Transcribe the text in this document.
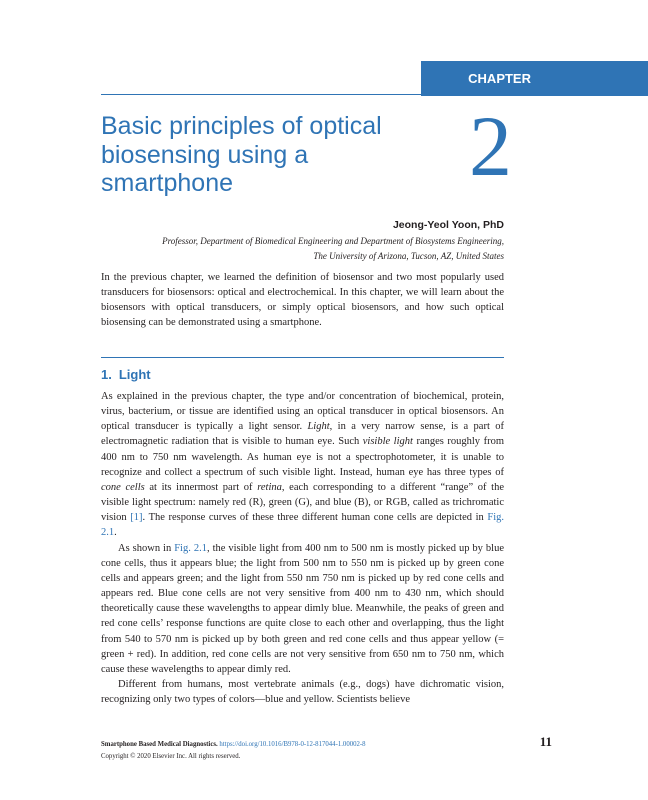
CHAPTER
Basic principles of optical biosensing using a smartphone	2
Jeong-Yeol Yoon, PhD
Professor, Department of Biomedical Engineering and Department of Biosystems Engineering,
The University of Arizona, Tucson, AZ, United States

In the previous chapter, we learned the definition of biosensor and two most popularly used transducers for biosensors: optical and electrochemical. In this chapter, we will learn about the biosensors with optical transducers, or simply optical biosensors, and how such optical biosensing can be demonstrated using a smartphone.

1. Light

As explained in the previous chapter, the type and/or concentration of biochemical, protein, virus, bacterium, or tissue are identified using an optical transducer in optical biosensors. An optical transducer is typically a light sensor. Light, in a very narrow sense, is a part of electromagnetic radiation that is visible to human eye. Such visible light ranges roughly from 400 nm to 750 nm wavelength. As human eye is not a spectrophotometer, it is unable to recognize and collect a spectrum of such visible light. Instead, human eye has three types of cone cells at its innermost part of retina, each corresponding to a different “range” of the visible light spectrum: namely red (R), green (G), and blue (B), or RGB, called as trichromatic vision [1]. The response curves of these three different human cone cells are depicted in Fig. 2.1.

As shown in Fig. 2.1, the visible light from 400 nm to 500 nm is mostly picked up by blue cone cells, thus it appears blue; the light from 500 nm to 550 nm is picked up by green cone cells and appears green; and the light from 550 nm 750 nm is picked up by red cone cells and appears red. Blue cone cells are not very sensitive from 400 nm to 430 nm, which should theoretically cause these wavelengths to appear dimly blue. Meanwhile, the peaks of green and red cone cells’ response functions are quite close to each other and overlapping, thus the light from 540 to 570 nm is picked up by both green and red cone cells and thus appear yellow (= green + red). In addition, red cone cells are not very sensitive from 650 nm to 750 nm, which cause these wavelengths to appear dimly red.

Different from humans, most vertebrate animals (e.g., dogs) have dichromatic vision, recognizing only two types of colors—blue and yellow. Scientists believe

Smartphone Based Medical Diagnostics. https://doi.org/10.1016/B978-0-12-817044-1.00002-8
Copyright © 2020 Elsevier Inc. All rights reserved.
11
